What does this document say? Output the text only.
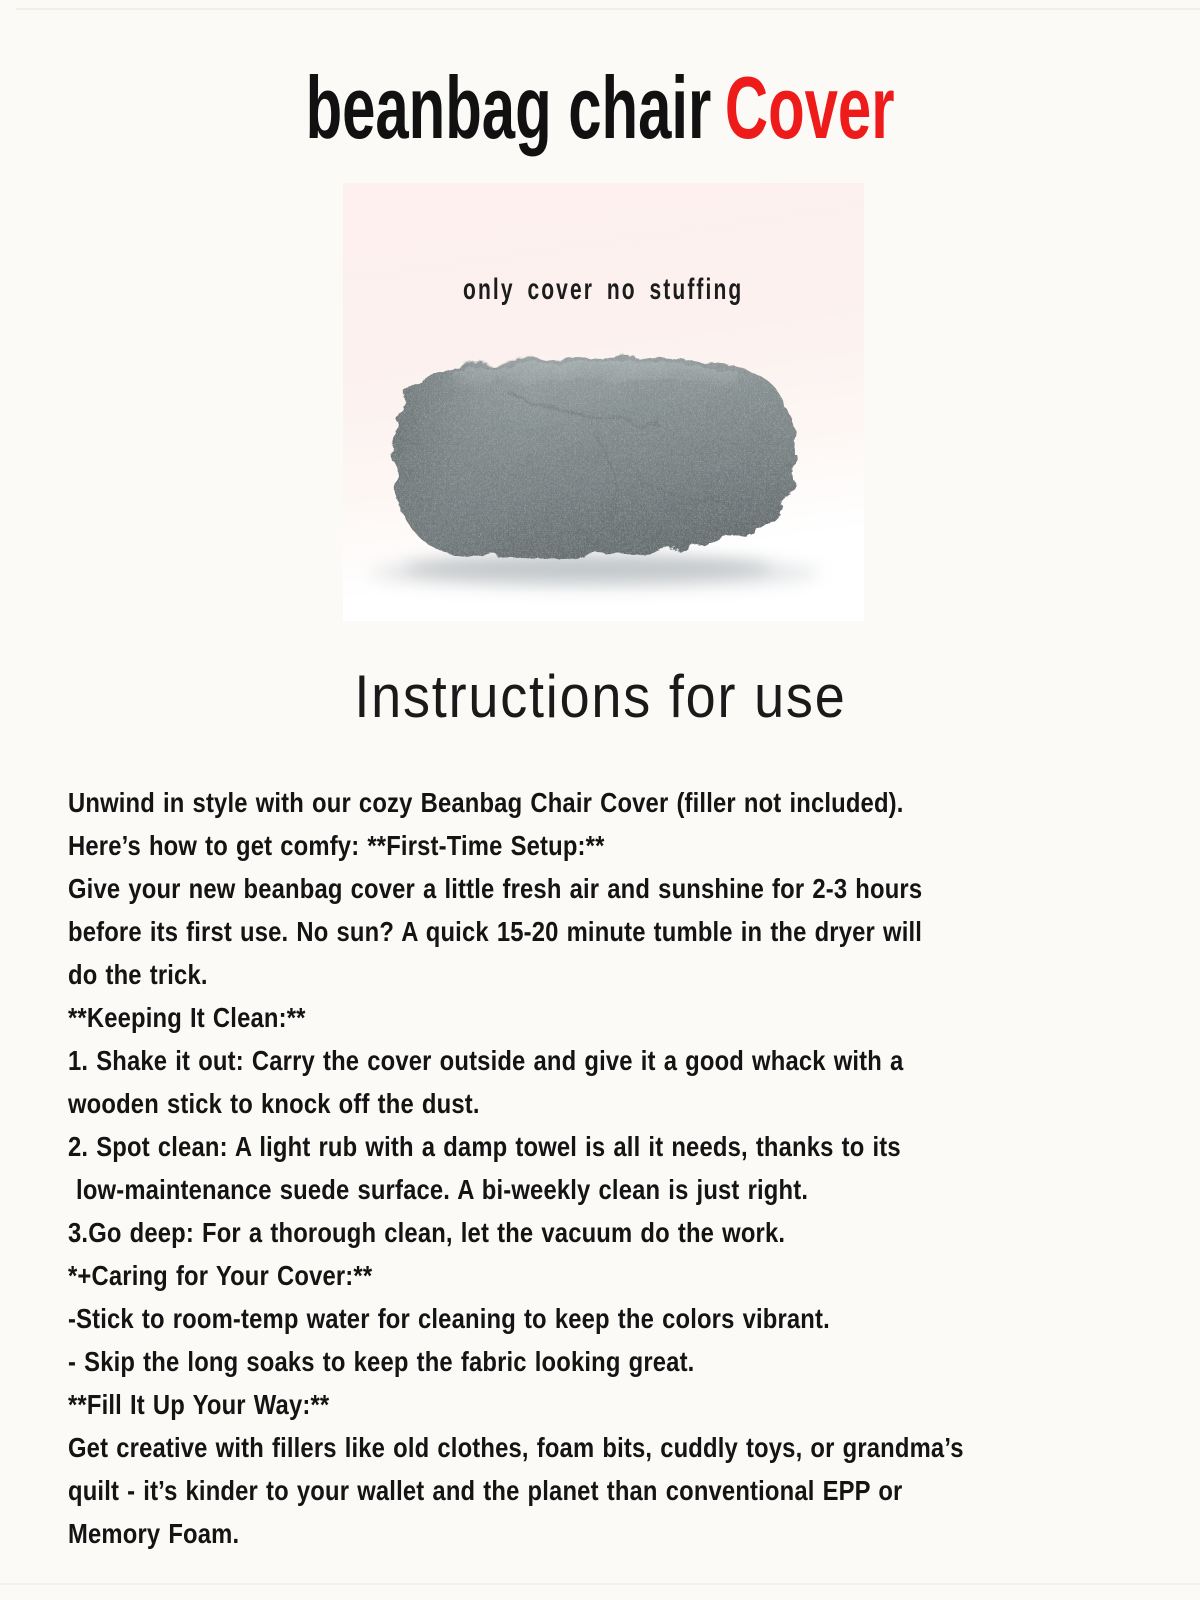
beanbag chair Cover
only cover no stuffing
Instructions for use
Unwind in style with our cozy Beanbag Chair Cover (filler not included).
Here’s how to get comfy: **First-Time Setup:**
Give your new beanbag cover a little fresh air and sunshine for 2-3 hours
before its first use. No sun? A quick 15-20 minute tumble in the dryer will
do the trick.
**Keeping It Clean:**
1. Shake it out: Carry the cover outside and give it a good whack with a
wooden stick to knock off the dust.
2. Spot clean: A light rub with a damp towel is all it needs, thanks to its
low-maintenance suede surface. A bi-weekly clean is just right.
3.Go deep: For a thorough clean, let the vacuum do the work.
*+Caring for Your Cover:**
-Stick to room-temp water for cleaning to keep the colors vibrant.
- Skip the long soaks to keep the fabric looking great.
**Fill It Up Your Way:**
Get creative with fillers like old clothes, foam bits, cuddly toys, or grandma’s
quilt - it’s kinder to your wallet and the planet than conventional EPP or
Memory Foam.
